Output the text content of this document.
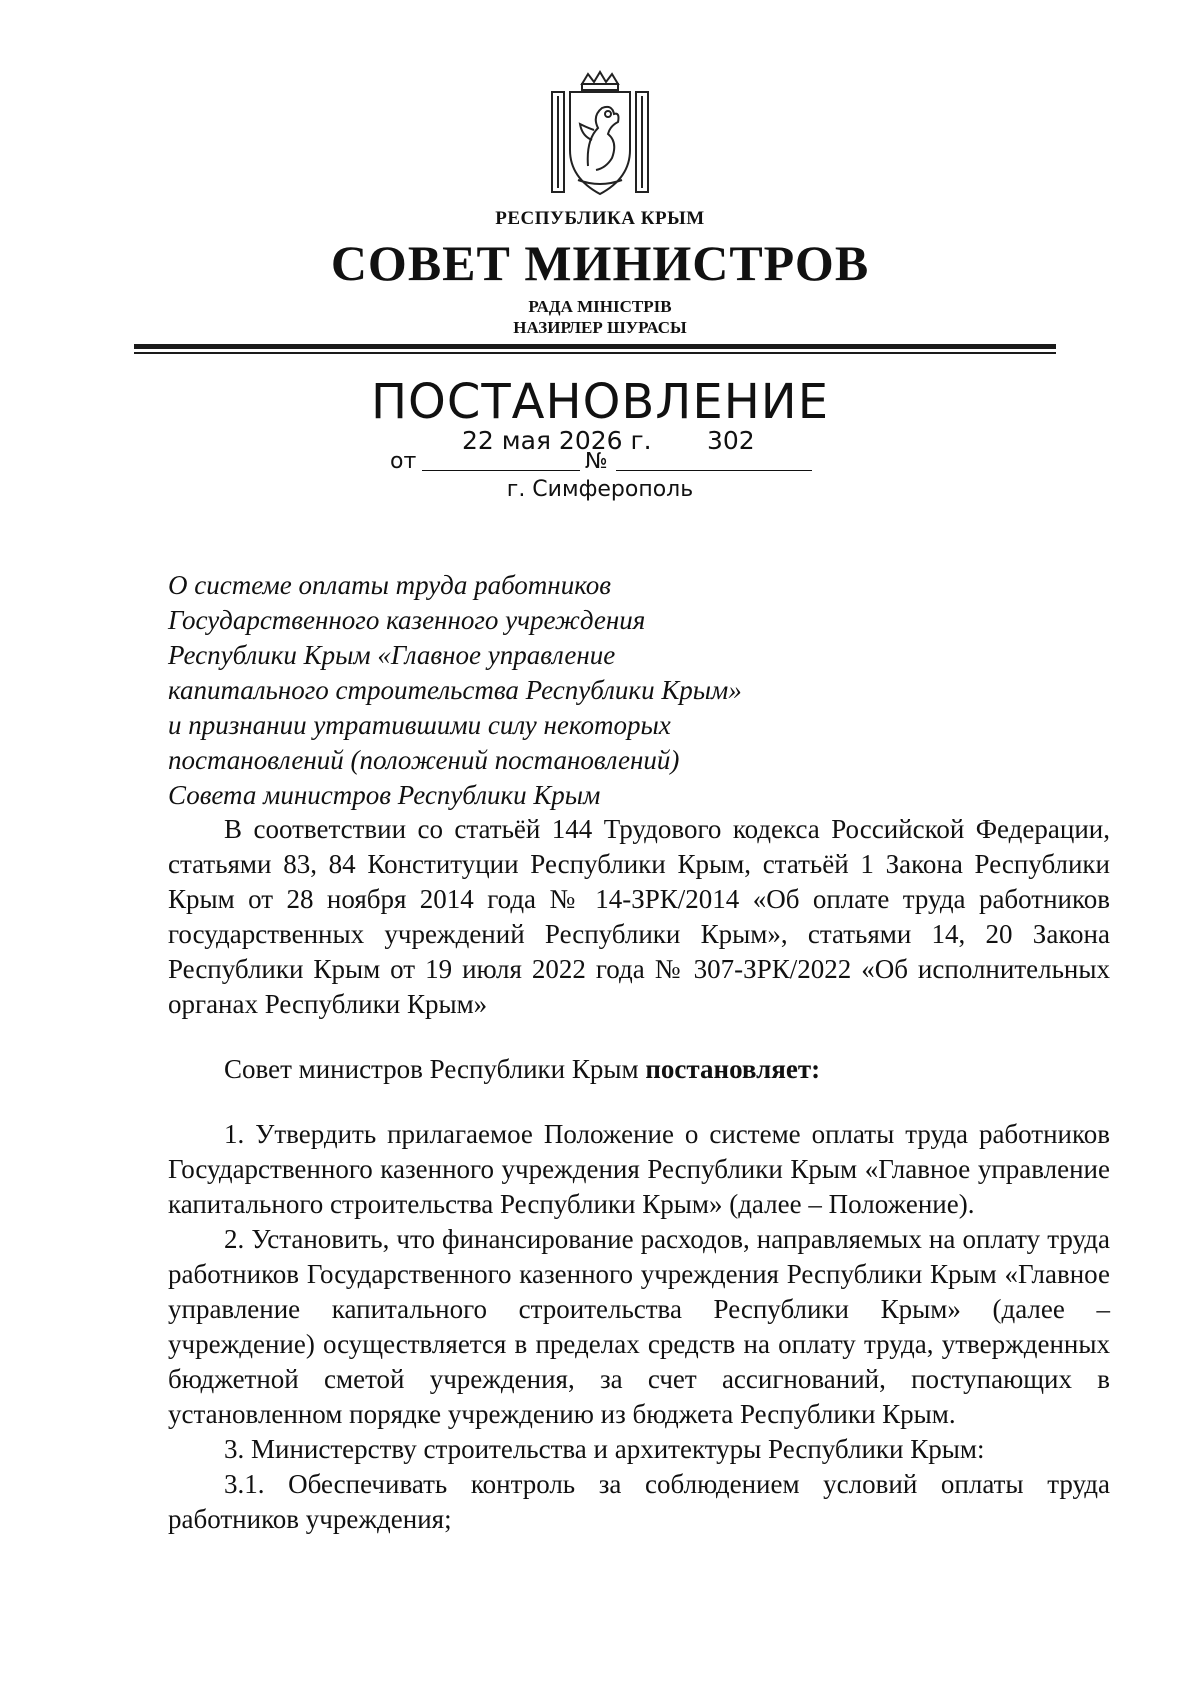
РЕСПУБЛИКА КРЫМ
СОВЕТ МИНИСТРОВ
РАДА МІНІСТРІВ
НАЗИРЛЕР ШУРАСЫ
ПОСТАНОВЛЕНИЕ
22 мая 2026 г. 302
от	№
г. Симферополь
О системе оплаты труда работников
Государственного казенного учреждения
Республики Крым «Главное управление
капитального строительства Республики Крым»
и признании утратившими силу некоторых
постановлений (положений постановлений)
Совета министров Республики Крым

В соответствии со статьёй 144 Трудового кодекса Российской Федерации, статьями 83, 84 Конституции Республики Крым, статьёй 1 Закона Республики Крым от 28 ноября 2014 года № 14-ЗРК/2014 «Об оплате труда работников государственных учреждений Республики Крым», статьями 14, 20 Закона Республики Крым от 19 июля 2022 года № 307-ЗРК/2022 «Об исполнительных органах Республики Крым»

Совет министров Республики Крым постановляет:

1. Утвердить прилагаемое Положение о системе оплаты труда работников Государственного казенного учреждения Республики Крым «Главное управление капитального строительства Республики Крым» (далее – Положение).

2. Установить, что финансирование расходов, направляемых на оплату труда работников Государственного казенного учреждения Республики Крым «Главное управление капитального строительства Республики Крым» (далее – учреждение) осуществляется в пределах средств на оплату труда, утвержденных бюджетной сметой учреждения, за счет ассигнований, поступающих в установленном порядке учреждению из бюджета Республики Крым.

3. Министерству строительства и архитектуры Республики Крым:

3.1. Обеспечивать контроль за соблюдением условий оплаты труда работников учреждения;
